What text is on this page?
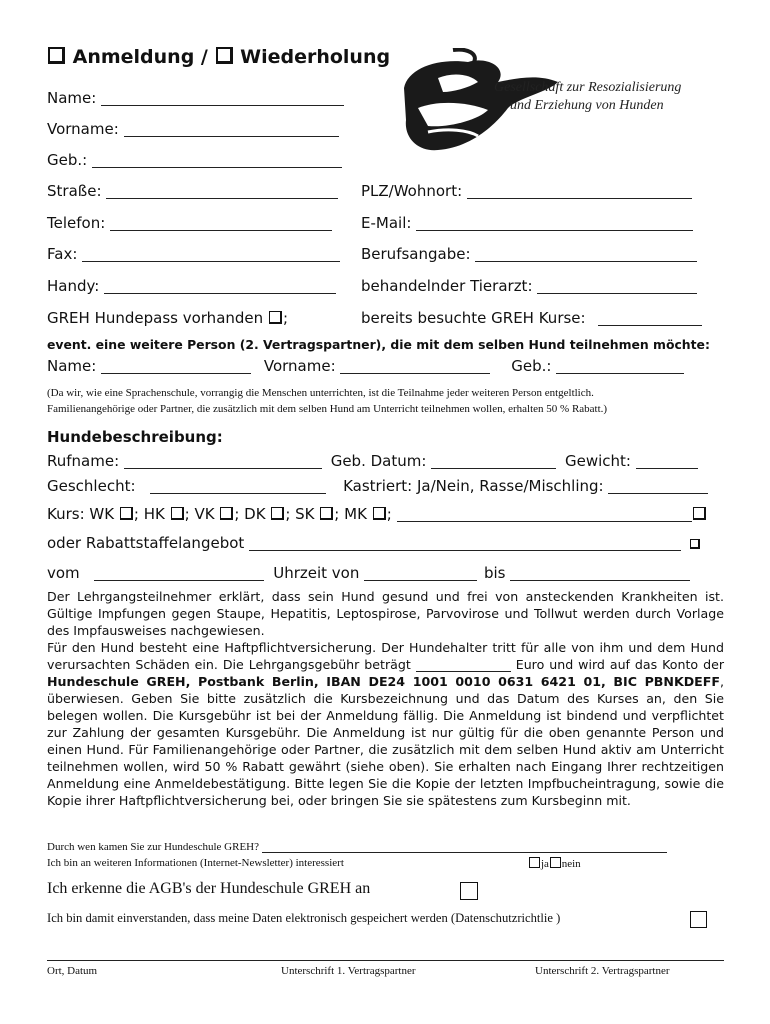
Anmeldung / Wiederholung
Gesellschaft zur Resozialisierung
und Erziehung von Hunden
Name:
Vorname:
Geb.:
Straße:	PLZ/Wohnort:
Telefon:	E-Mail:
Fax:	Berufsangabe:
Handy:	behandelnder Tierarzt:
GREH Hundepass vorhanden ;	bereits besuchte GREH Kurse:
event. eine weitere Person (2. Vertragspartner), die mit dem selben Hund teilnehmen möchte:
Name:	Vorname:	Geb.:
(Da wir, wie eine Sprachenschule, vorrangig die Menschen unterrichten, ist die Teilnahme jeder weiteren Person entgeltlich.
Familienangehörige oder Partner, die zusätzlich mit dem selben Hund am Unterricht teilnehmen wollen, erhalten 50 % Rabatt.)
Hundebeschreibung:
Rufname:	Geb. Datum:	Gewicht:
Geschlecht:	Kastriert: Ja/Nein, Rasse/Mischling:
Kurs: WK ; HK ; VK ; DK ; SK ; MK ;
oder Rabattstaffelangebot
vom	Uhrzeit von	bis

Der Lehrgangsteilnehmer erklärt, dass sein Hund gesund und frei von ansteckenden Krankheiten ist. Gültige Impfungen gegen Staupe, Hepatitis, Leptospirose, Parvovirose und Tollwut werden durch Vorlage des Impfausweises nachgewiesen.

Für den Hund besteht eine Haftpflichtversicherung. Der Hundehalter tritt für alle von ihm und dem Hund verursachten Schäden ein. Die Lehrgangsgebühr beträgt	Euro und wird auf das Konto der Hundeschule GREH, Postbank Berlin, IBAN DE24 1001 0010 0631 6421 01, BIC PBNKDEFF, überwiesen. Geben Sie bitte zusätzlich die Kursbezeichnung und das Datum des Kurses an, den Sie belegen wollen. Die Kursgebühr ist bei der Anmeldung fällig. Die Anmeldung ist bindend und verpflichtet zur Zahlung der gesamten Kursgebühr. Die Anmeldung ist nur gültig für die oben genannte Person und einen Hund. Für Familienangehörige oder Partner, die zusätzlich mit dem selben Hund aktiv am Unterricht teilnehmen wollen, wird 50 % Rabatt gewährt (siehe oben). Sie erhalten nach Eingang Ihrer rechtzeitigen Anmeldung eine Anmeldebestätigung. Bitte legen Sie die Kopie der letzten Impfbucheintragung, sowie die Kopie ihrer Haftpflichtversicherung bei, oder bringen Sie sie spätestens zum Kursbeginn mit.

Durch wen kamen Sie zur Hundeschule GREH?
Ich bin an weiteren Informationen (Internet-Newsletter) interessiert	ja nein
Ich erkenne die AGB's der Hundeschule GREH an
Ich bin damit einverstanden, dass meine Daten elektronisch gespeichert werden (Datenschutzrichtlie )
Ort, Datum	Unterschrift 1. Vertragspartner	Unterschrift 2. Vertragspartner
